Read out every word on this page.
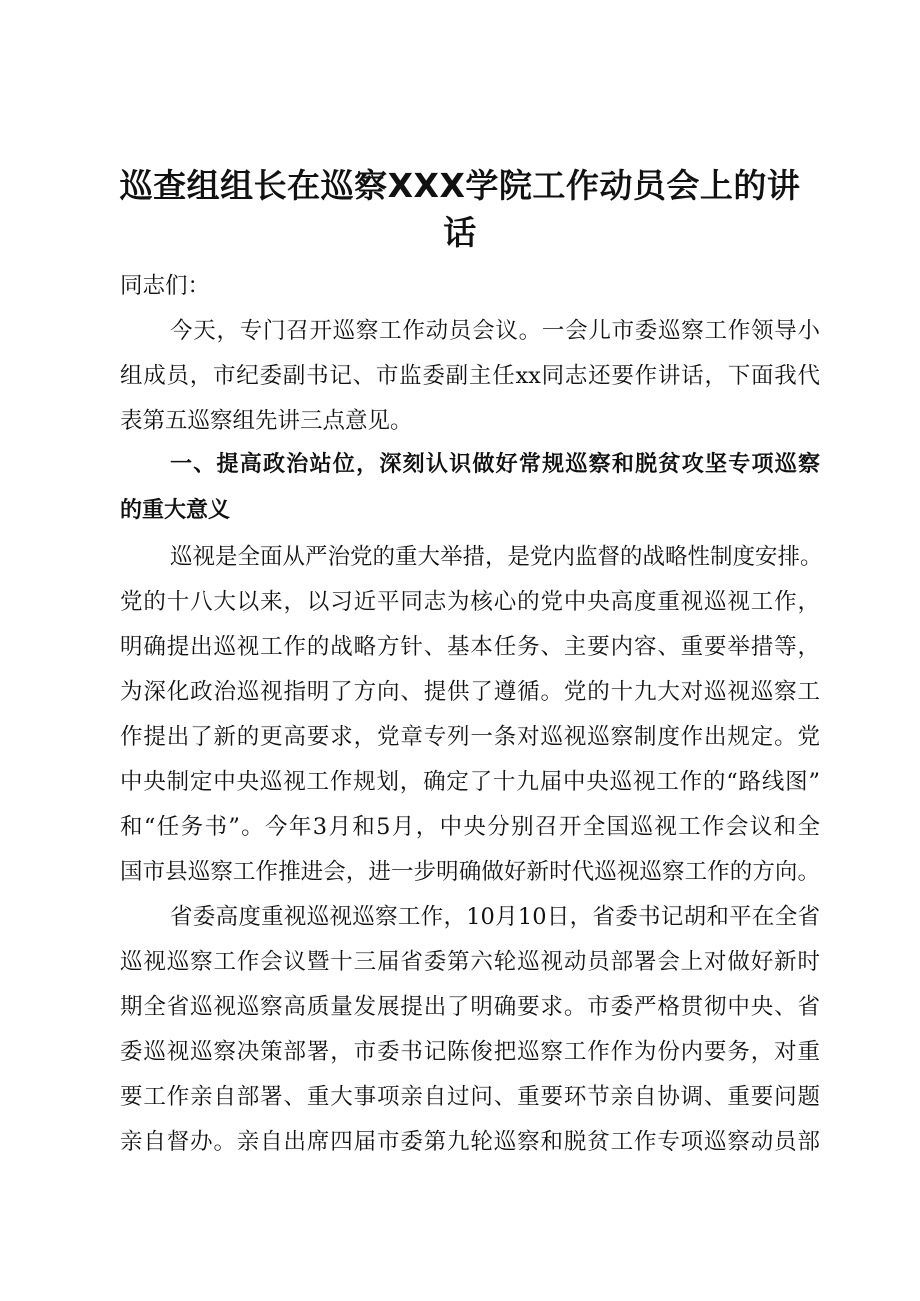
巡查组组长在巡察XXX学院工作动员会上的讲
话
同志们：
今天，专门召开巡察工作动员会议。一会儿市委巡察工作领导小
组成员，市纪委副书记、市监委副主任xx同志还要作讲话，下面我代
表第五巡察组先讲三点意见。
一、提高政治站位，深刻认识做好常规巡察和脱贫攻坚专项巡察
的重大意义
巡视是全面从严治党的重大举措，是党内监督的战略性制度安排。
党的十八大以来，以习近平同志为核心的党中央高度重视巡视工作，
明确提出巡视工作的战略方针、基本任务、主要内容、重要举措等，
为深化政治巡视指明了方向、提供了遵循。党的十九大对巡视巡察工
作提出了新的更高要求，党章专列一条对巡视巡察制度作出规定。党
中央制定中央巡视工作规划，确定了十九届中央巡视工作的“路线图”
和“任务书”。今年3月和5月，中央分别召开全国巡视工作会议和全
国市县巡察工作推进会，进一步明确做好新时代巡视巡察工作的方向。
省委高度重视巡视巡察工作，10月10日，省委书记胡和平在全省
巡视巡察工作会议暨十三届省委第六轮巡视动员部署会上对做好新时
期全省巡视巡察高质量发展提出了明确要求。市委严格贯彻中央、省
委巡视巡察决策部署，市委书记陈俊把巡察工作作为份内要务，对重
要工作亲自部署、重大事项亲自过问、重要环节亲自协调、重要问题
亲自督办。亲自出席四届市委第九轮巡察和脱贫工作专项巡察动员部
